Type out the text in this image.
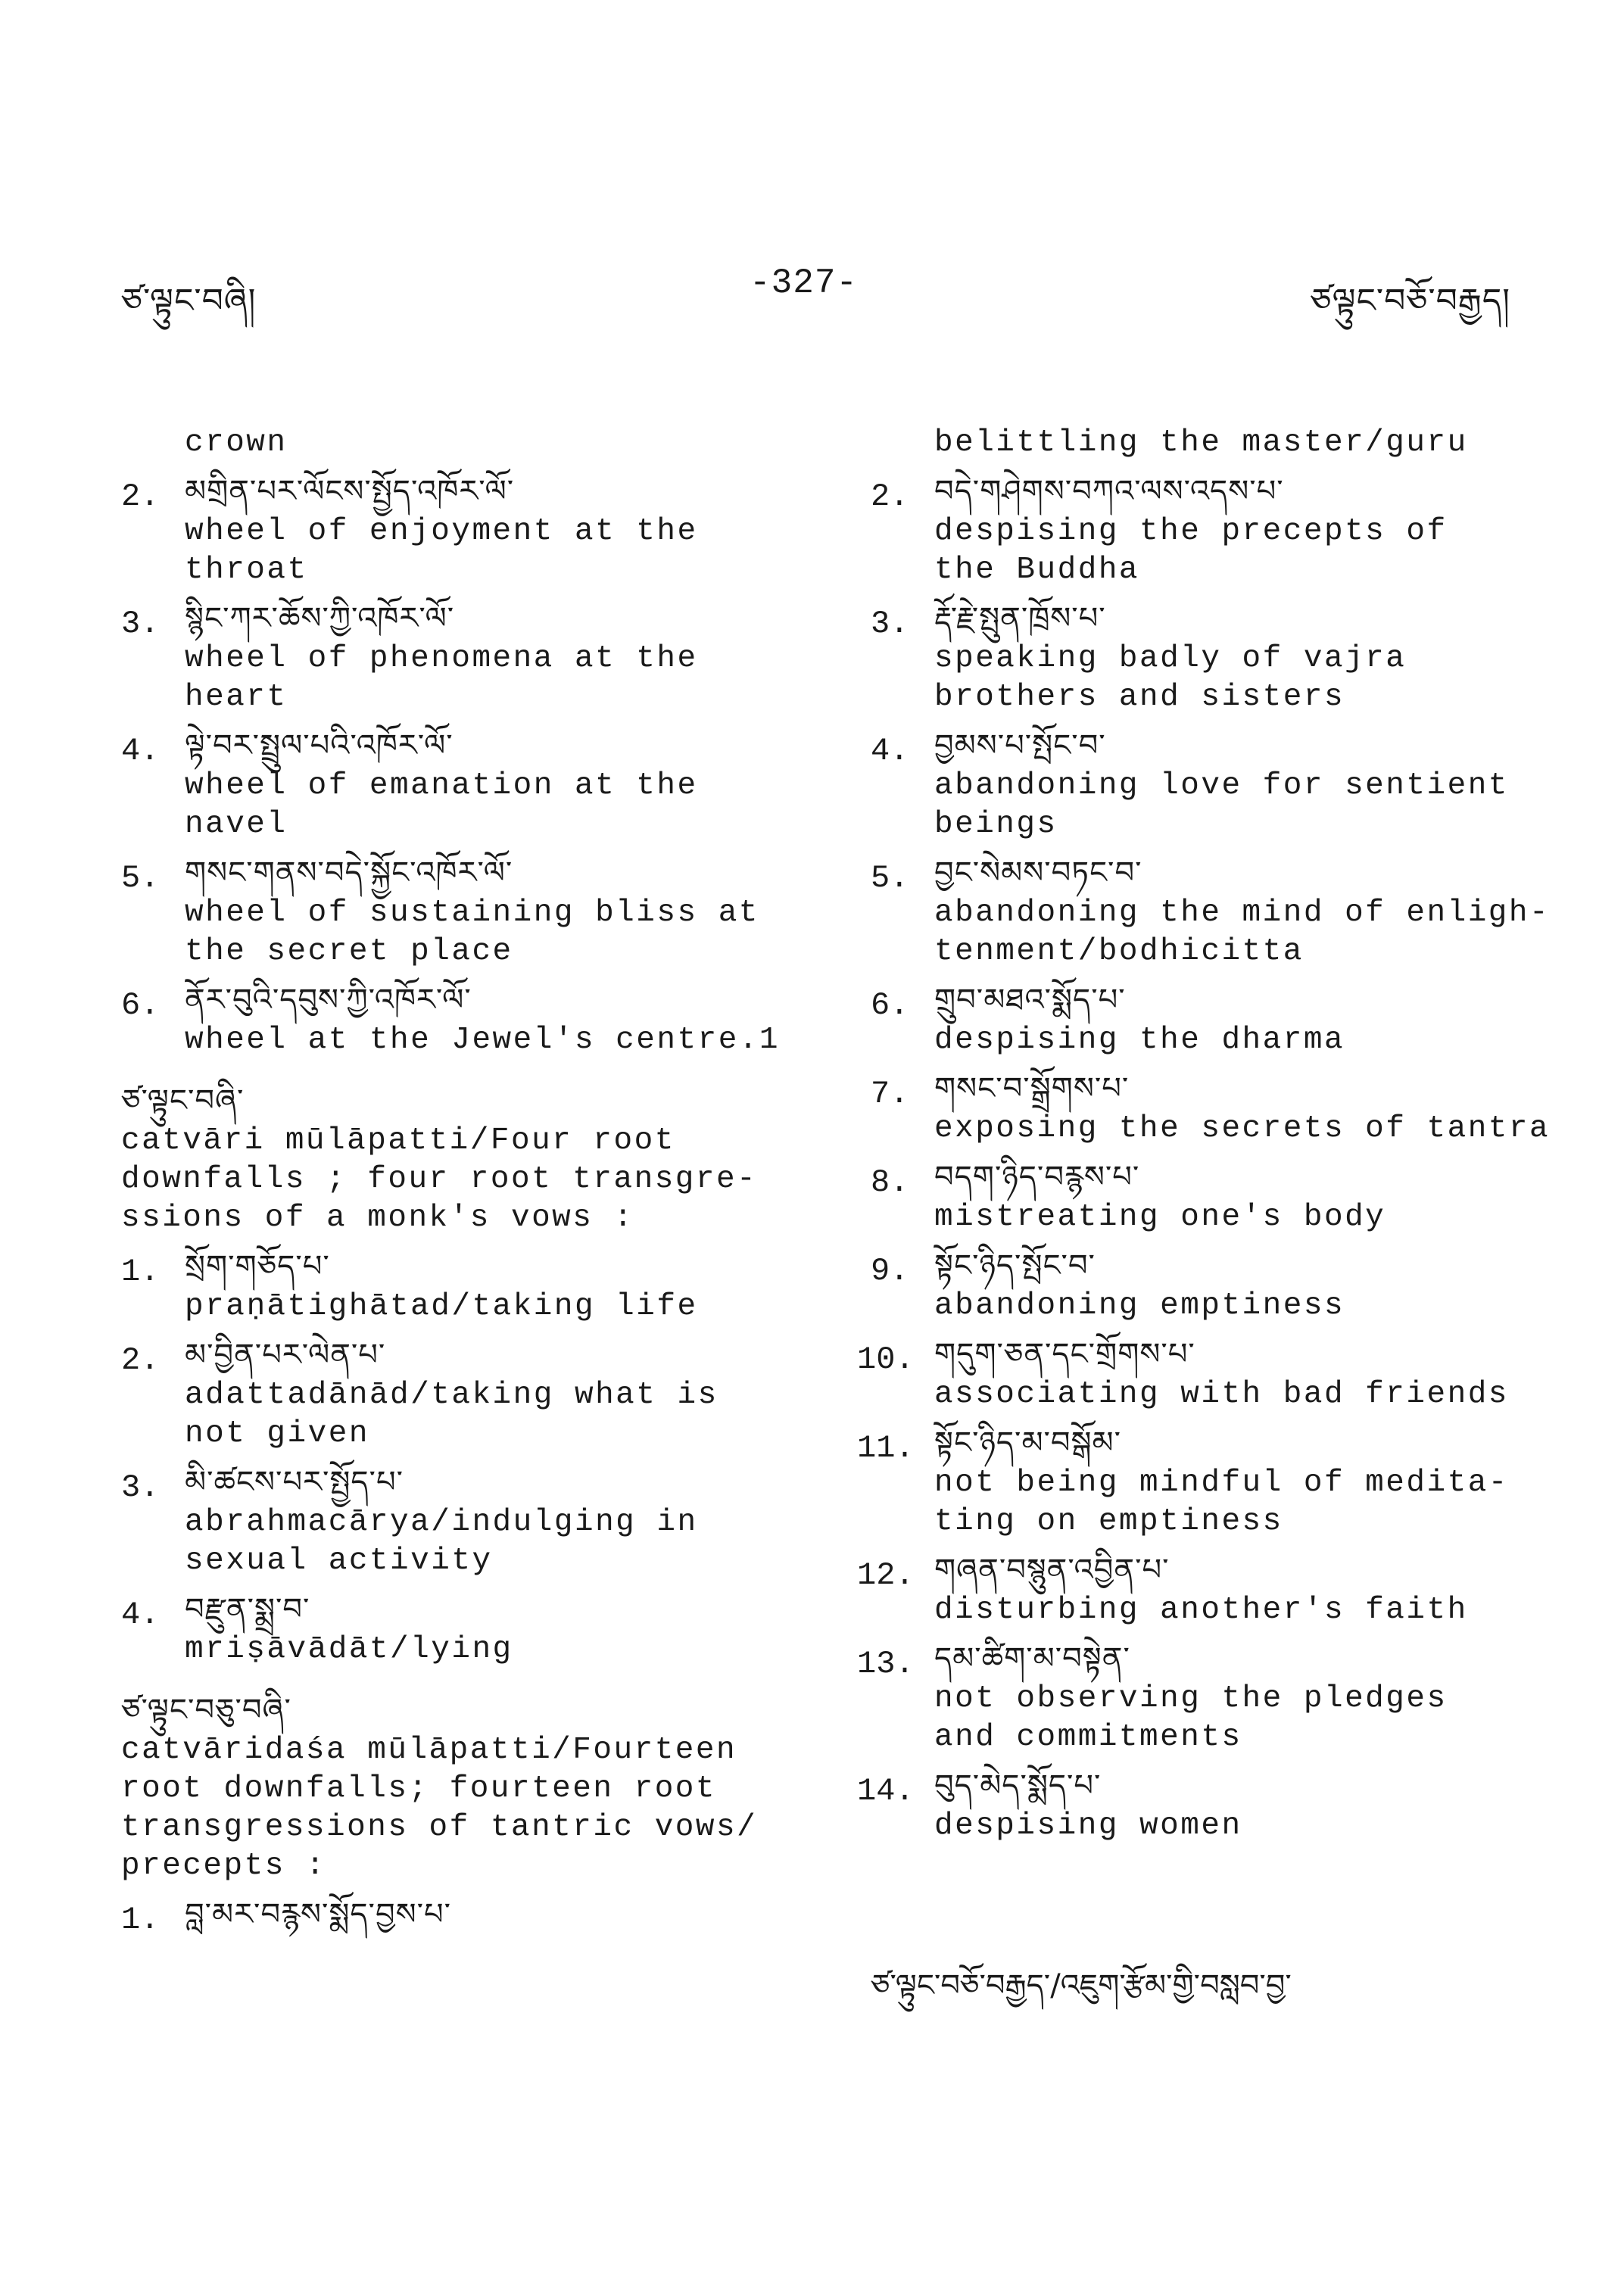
ཙ་ལྟུང་བཞི།	-327-	ཙལྟུང་བཅོ་བརྒྱད།
crown
2. མགྲིན་པར་ལོངས་སྤྱོད་འཁོར་ལོ་
wheel of enjoyment at the
throat
3. སྙིང་ཀར་ཆོས་ཀྱི་འཁོར་ལོ་
wheel of phenomena at the
heart
4. ལྟེ་བར་སྤྲུལ་པའི་འཁོར་ལོ་
wheel of emanation at the
navel
5. གསང་གནས་བདེ་སྐྱོང་འཁོར་ལོ་
wheel of sustaining bliss at
the secret place
6. ནོར་བུའི་དབུས་ཀྱི་འཁོར་ལོ་
wheel at the Jewel's centre.1
ཙ་ལྟུང་བཞི་
catvāri mūlāpatti/Four root
downfalls ; four root transgre-
ssions of a monk's vows :
1. སྲོག་གཅོད་པ་
praṇātighātad/taking life
2. མ་བྱིན་པར་ལེན་པ་
adattadānād/taking what is
not given
3. མི་ཚངས་པར་སྤྱོད་པ་
abrahmacārya/indulging in
sexual activity
4. བརྫུན་སྨྲ་བ་
mriṣāvādāt/lying
ཙ་ལྟུང་བཅུ་བཞི་
catvāridaśa mūlāpatti/Fourteen
root downfalls; fourteen root
transgressions of tantric vows/
precepts :
1. བླ་མར་བརྙས་སྨོད་བྱས་པ་
belittling the master/guru
2. བདེ་གཤེགས་བཀའ་ལས་འདས་པ་
despising the precepts of
the Buddha
3. རྡོ་རྗེ་སྤུན་ཁྲོས་པ་
speaking badly of vajra
brothers and sisters
4. བྱམས་པ་སྤོང་བ་
abandoning love for sentient
beings
5. བྱང་སེམས་བཏང་བ་
abandoning the mind of enligh-
tenment/bodhicitta
6. གྲུབ་མཐའ་སྨོད་པ་
despising the dharma
7. གསང་བ་སྒྲོགས་པ་
exposing the secrets of tantra
8. བདག་ཉིད་བརྙས་པ་
mistreating one's body
9. སྟོང་ཉིད་སྤོང་བ་
abandoning emptiness
10. གདུག་ཅན་དང་གྲོགས་པ་
associating with bad friends
11. སྟོང་ཉིད་མ་བསྒོམ་
not being mindful of medita-
ting on emptiness
12. གཞན་བསྙུན་འབྱིན་པ་
disturbing another's faith
13. དམ་ཚིག་མ་བསྟེན་
not observing the pledges
and commitments
14. བུད་མེད་སྨོད་པ་
despising women
ཙ་ལྟུང་བཅོ་བརྒྱད་/འཇུག་རྩོམ་གྱི་བསླབ་བྱ་
